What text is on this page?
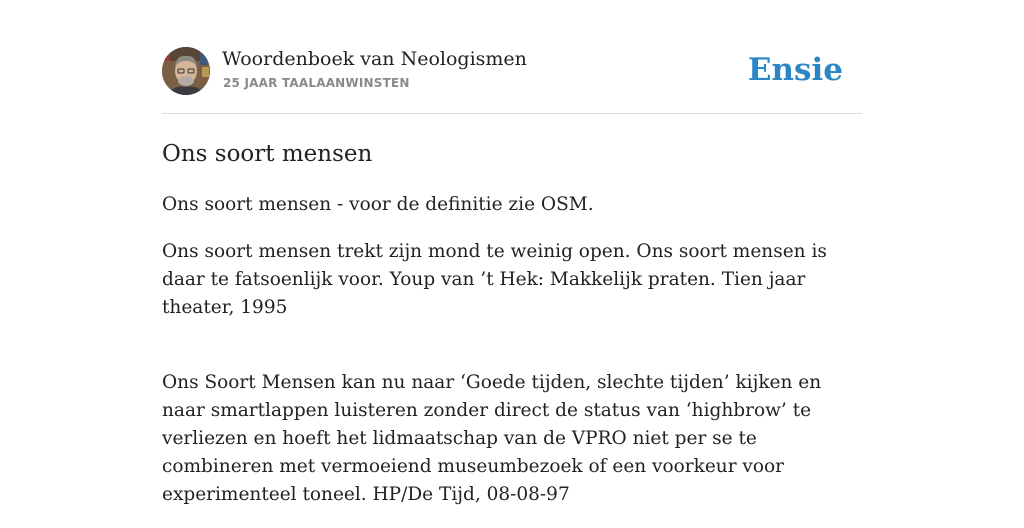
Woordenboek van Neologismen
25 JAAR TAALAANWINSTEN	Ensie
Ons soort mensen

Ons soort mensen - voor de definitie zie OSM.

Ons soort mensen trekt zijn mond te weinig open. Ons soort mensen is daar te fatsoenlijk voor. Youp van ’t Hek: Makkelijk praten. Tien jaar theater, 1995

Ons Soort Mensen kan nu naar ‘Goede tijden, slechte tijden’ kijken en naar smartlappen luisteren zonder direct de status van ‘highbrow’ te verliezen en hoeft het lidmaatschap van de VPRO niet per se te combineren met vermoeiend museumbezoek of een voorkeur voor experimenteel toneel. HP/De Tijd, 08-08-97
